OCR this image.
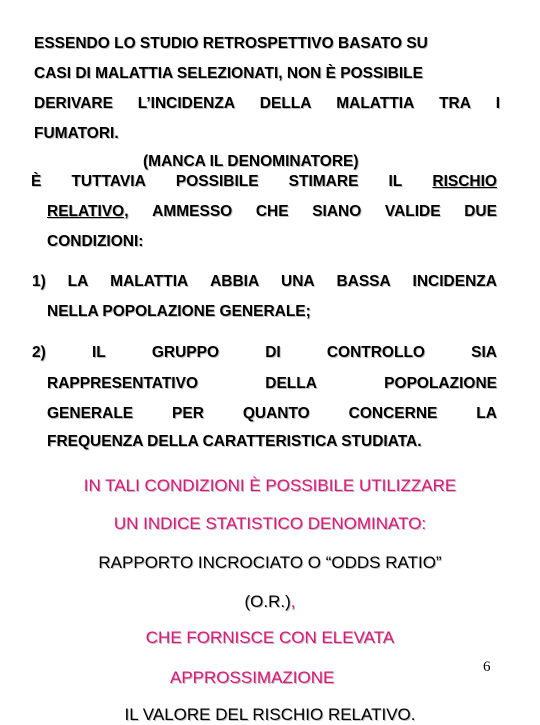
ESSENDO LO STUDIO RETROSPETTIVO BASATO SU
CASI DI MALATTIA SELEZIONATI, NON È POSSIBILE
DERIVARE L’INCIDENZA DELLA MALATTIA TRA I
FUMATORI.
(MANCA IL DENOMINATORE)
È TUTTAVIA POSSIBILE STIMARE IL RISCHIO
RELATIVO, AMMESSO CHE SIANO VALIDE DUE
CONDIZIONI:
1) LA MALATTIA ABBIA UNA BASSA INCIDENZA
NELLA POPOLAZIONE GENERALE;
2)	IL	GRUPPO	DI	CONTROLLO	SIA
RAPPRESENTATIVO	DELLA	POPOLAZIONE
GENERALE	PER	QUANTO	CONCERNE	LA
FREQUENZA DELLA CARATTERISTICA STUDIATA.
IN TALI CONDIZIONI È POSSIBILE UTILIZZARE
UN INDICE STATISTICO DENOMINATO:
RAPPORTO INCROCIATO O “ODDS RATIO”
(O.R.),
CHE FORNISCE CON ELEVATA
APPROSSIMAZIONE
IL VALORE DEL RISCHIO RELATIVO.
6
